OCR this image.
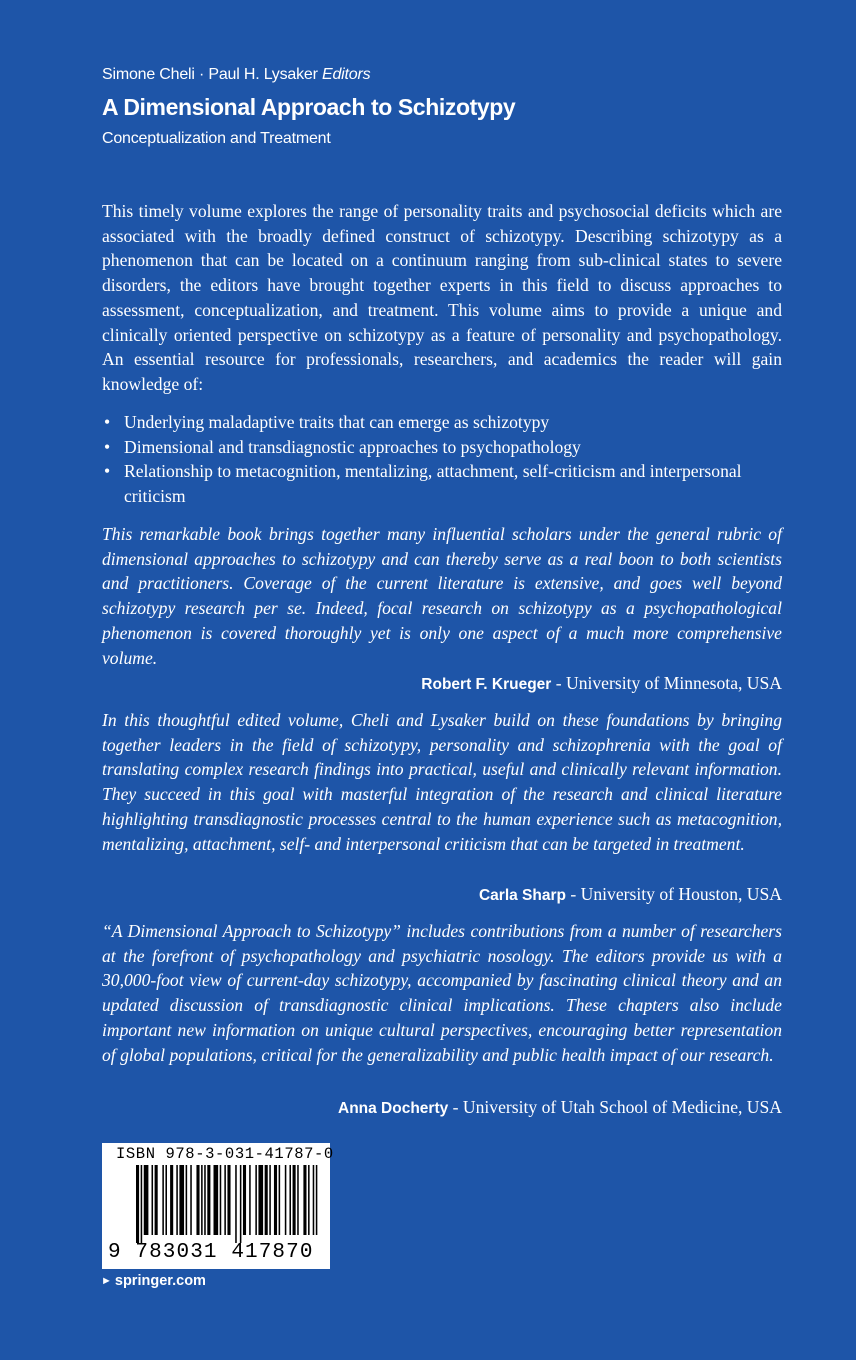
Simone Cheli · Paul H. Lysaker Editors
A Dimensional Approach to Schizotypy
Conceptualization and Treatment

This timely volume explores the range of personality traits and psychosocial deficits which are associated with the broadly defined construct of schizotypy. Describing schizotypy as a phenomenon that can be located on a continuum ranging from sub-clinical states to severe disorders, the editors have brought together experts in this field to discuss approaches to assessment, conceptualization, and treatment. This volume aims to provide a unique and clinically oriented perspective on schizotypy as a feature of personality and psychopathology. An essential resource for professionals, researchers, and academics the reader will gain knowledge of:

• Underlying maladaptive traits that can emerge as schizotypy
• Dimensional and transdiagnostic approaches to psychopathology
• Relationship to metacognition, mentalizing, attachment, self-criticism and interpersonal criticism

This remarkable book brings together many influential scholars under the general rubric of dimensional approaches to schizotypy and can thereby serve as a real boon to both scientists and practitioners. Coverage of the current literature is extensive, and goes well beyond schizotypy research per se. Indeed, focal research on schizotypy as a psychopathological phenomenon is covered thoroughly yet is only one aspect of a much more comprehensive volume.

Robert F. Krueger - University of Minnesota, USA

In this thoughtful edited volume, Cheli and Lysaker build on these foundations by bringing together leaders in the field of schizotypy, personality and schizophrenia with the goal of translating complex research findings into practical, useful and clinically relevant information. They succeed in this goal with masterful integration of the research and clinical literature highlighting transdiagnostic processes central to the human experience such as metacognition, mentalizing, attachment, self- and interpersonal criticism that can be targeted in treatment.

Carla Sharp - University of Houston, USA

“A Dimensional Approach to Schizotypy” includes contributions from a number of researchers at the forefront of psychopathology and psychiatric nosology. The editors provide us with a 30,000-foot view of current-day schizotypy, accompanied by fascinating clinical theory and an updated discussion of transdiagnostic clinical implications. These chapters also include important new information on unique cultural perspectives, encouraging better representation of global populations, critical for the generalizability and public health impact of our research.

Anna Docherty - University of Utah School of Medicine, USA
ISBN 978-3-031-41787-0
9 783031 417870
► springer.com
